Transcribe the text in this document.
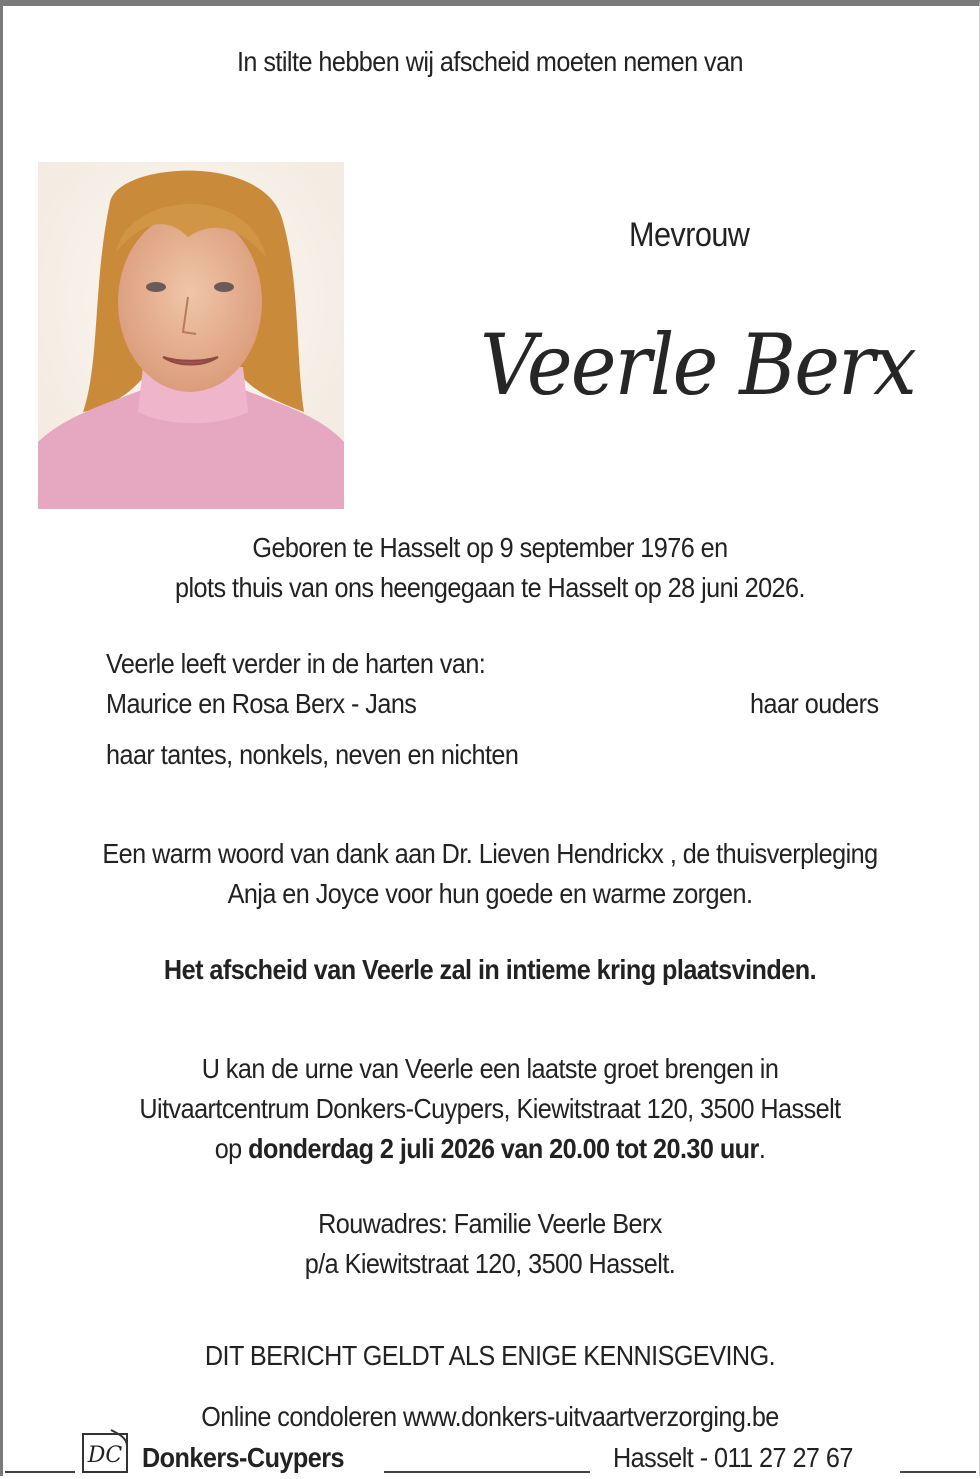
In stilte hebben wij afscheid moeten nemen van
Mevrouw
Veerle Berx
Geboren te Hasselt op 9 september 1976 en
plots thuis van ons heengegaan te Hasselt op 28 juni 2026.
Veerle leeft verder in de harten van:
Maurice en Rosa Berx - Jans	haar ouders
haar tantes, nonkels, neven en nichten
Een warm woord van dank aan Dr. Lieven Hendrickx , de thuisverpleging
Anja en Joyce voor hun goede en warme zorgen.
Het afscheid van Veerle zal in intieme kring plaatsvinden.
U kan de urne van Veerle een laatste groet brengen in
Uitvaartcentrum Donkers-Cuypers, Kiewitstraat 120, 3500 Hasselt
op donderdag 2 juli 2026 van 20.00 tot 20.30 uur.
Rouwadres: Familie Veerle Berx
p/a Kiewitstraat 120, 3500 Hasselt.
DIT BERICHT GELDT ALS ENIGE KENNISGEVING.
Online condoleren www.donkers-uitvaartverzorging.be
DC Donkers-Cuypers	Hasselt - 011 27 27 67
